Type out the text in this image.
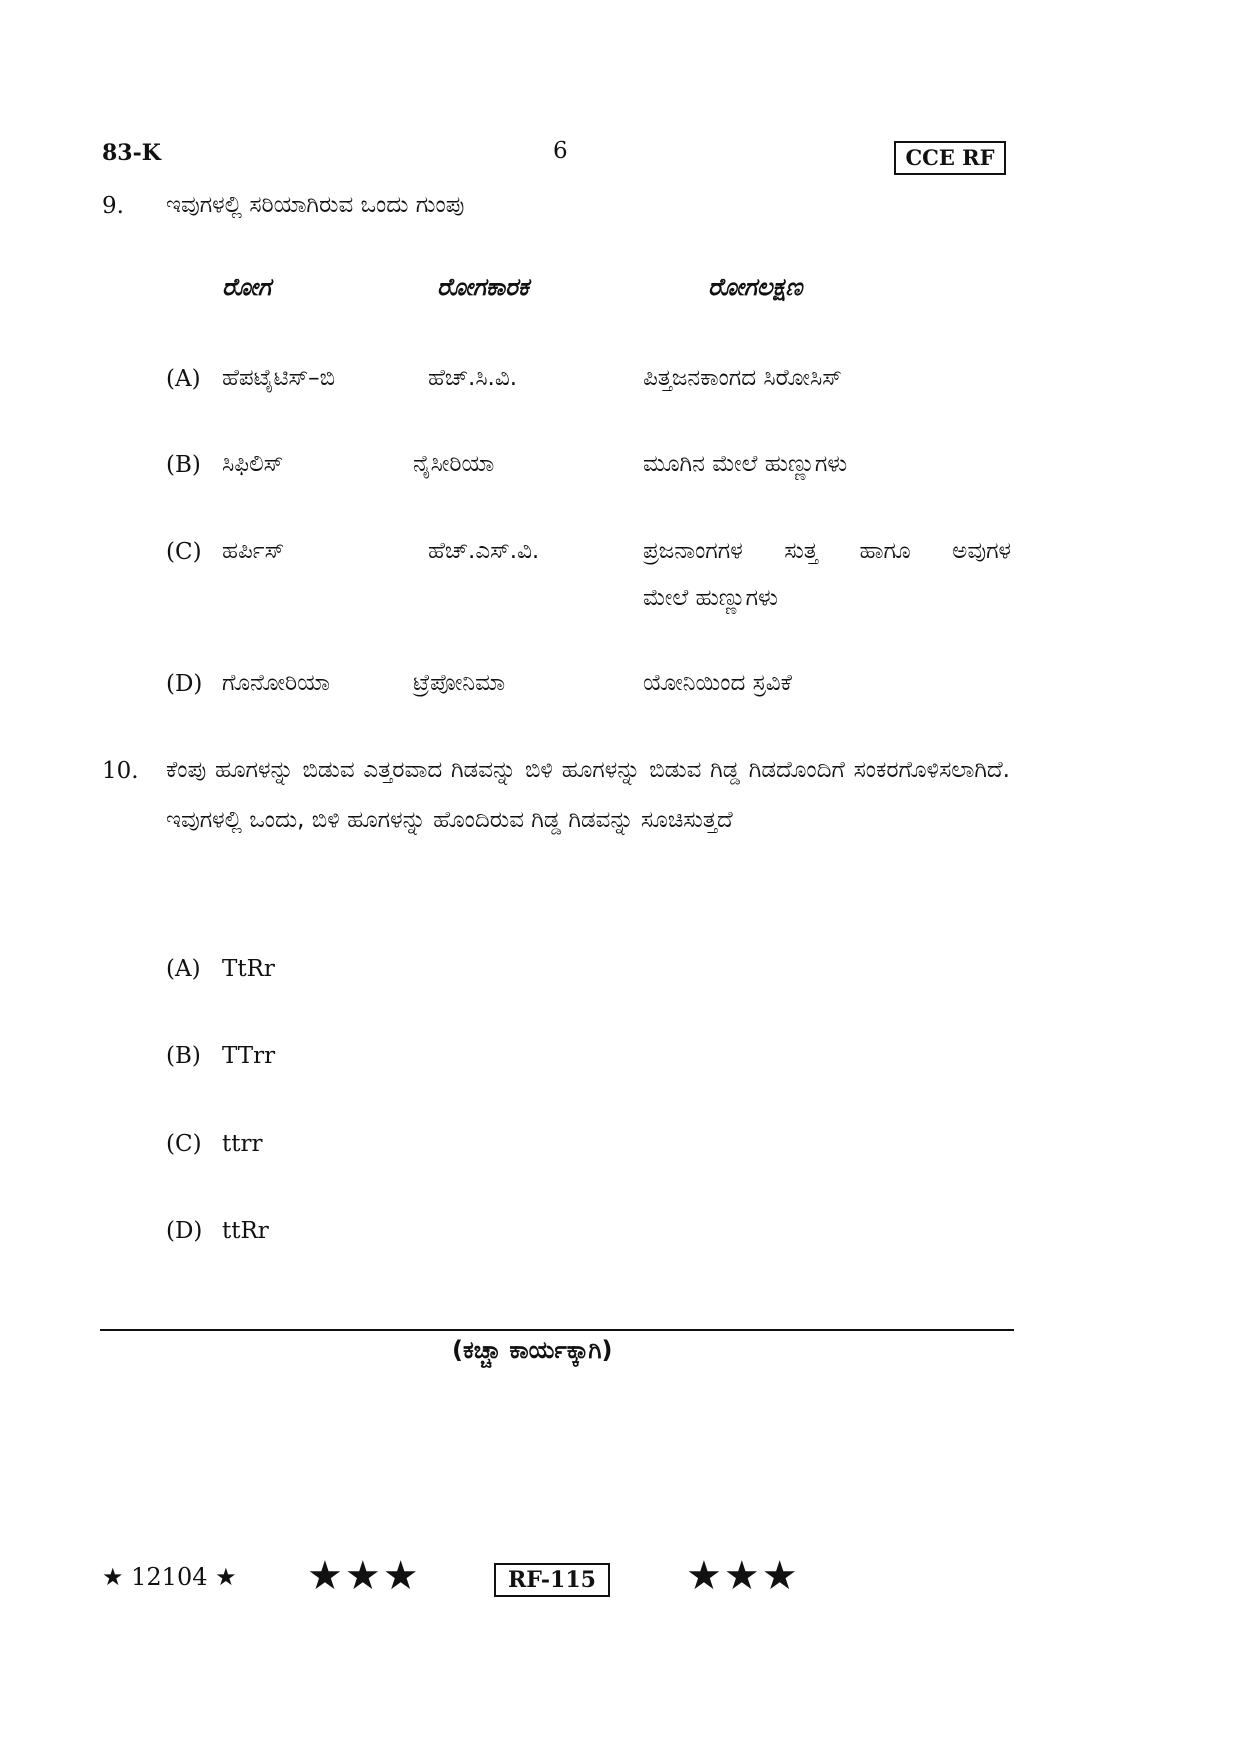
83-K	6	CCE RF
9. ಇವುಗಳಲ್ಲಿ ಸರಿಯಾಗಿರುವ ಒಂದು ಗುಂಪು
ರೋಗ	ರೋಗಕಾರಕ	ರೋಗಲಕ್ಷಣ
(A) ಹೆಪಟೈಟಿಸ್–ಬಿ	ಹೆಚ್.ಸಿ.ವಿ.	ಪಿತ್ತಜನಕಾಂಗದ ಸಿರೋಸಿಸ್
(B) ಸಿಫಿಲಿಸ್	ನೈಸೀರಿಯಾ	ಮೂಗಿನ ಮೇಲೆ ಹುಣ್ಣುಗಳು
(C) ಹರ್ಪಿಸ್	ಹೆಚ್.ಎಸ್.ವಿ.	ಪ್ರಜನಾಂಗಗಳ ಸುತ್ತ ಹಾಗೂ ಅವುಗಳ
ಮೇಲೆ ಹುಣ್ಣುಗಳು
(D) ಗೊನೋರಿಯಾ	ಟ್ರೆಪೋನಿಮಾ	ಯೋನಿಯಿಂದ ಸ್ರವಿಕೆ
10. ಕೆಂಪು ಹೂಗಳನ್ನು ಬಿಡುವ ಎತ್ತರವಾದ ಗಿಡವನ್ನು ಬಿಳಿ ಹೂಗಳನ್ನು ಬಿಡುವ ಗಿಡ್ಡ ಗಿಡದೊಂದಿಗೆ ಸಂಕರಗೊಳಿಸಲಾಗಿದೆ. ಇವುಗಳಲ್ಲಿ ಒಂದು, ಬಿಳಿ ಹೂಗಳನ್ನು ಹೊಂದಿರುವ ಗಿಡ್ಡ ಗಿಡವನ್ನು ಸೂಚಿಸುತ್ತದೆ
(A) TtRr
(B) TTrr
(C) ttrr
(D) ttRr
(ಕಚ್ಚಾ ಕಾರ್ಯಕ್ಕಾಗಿ)
★ 12104 ★ ★★★	RF-115	★★★
